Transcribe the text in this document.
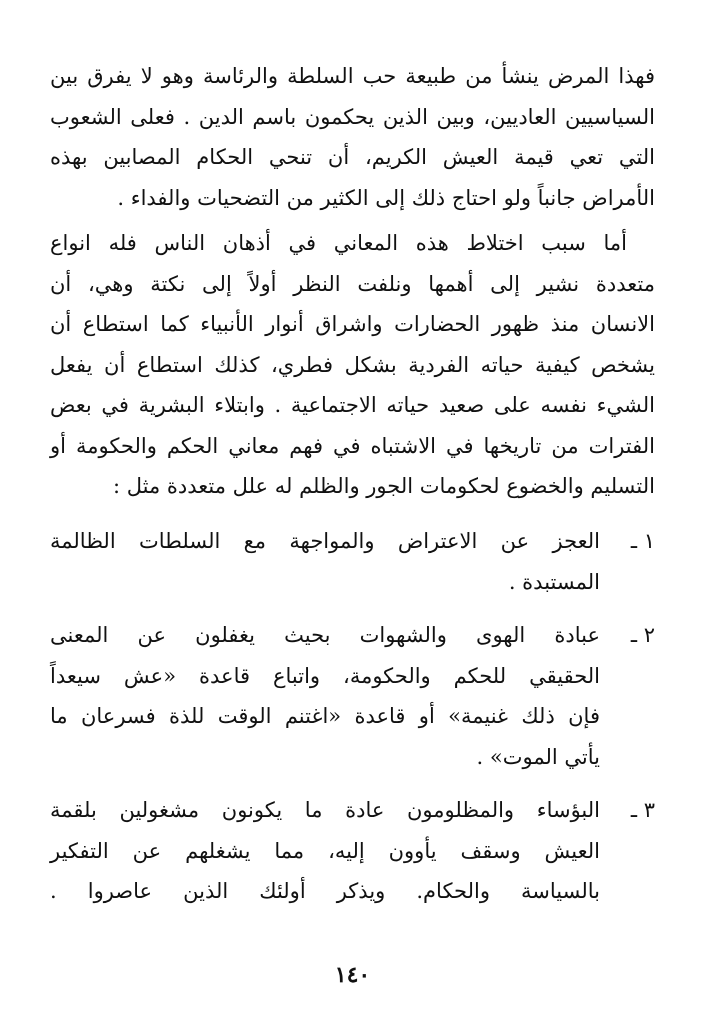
فهذا المرض ينشأ من طبيعة حب السلطة والرئاسة وهو لا يفرق بين
السياسيين العاديين، وبين الذين يحكمون باسم الدين . فعلى الشعوب
التي تعي قيمة العيش الكريم، أن تنحي الحكام المصابين بهذه
الأمراض جانباً ولو احتاج ذلك إلى الكثير من التضحيات والفداء .
أما سبب اختلاط هذه المعاني في أذهان الناس فله انواع
متعددة نشير إلى أهمها ونلفت النظر أولاً إلى نكتة وهي، أن
الانسان منذ ظهور الحضارات واشراق أنوار الأنبياء كما استطاع أن
يشخص كيفية حياته الفردية بشكل فطري، كذلك استطاع أن يفعل
الشيء نفسه على صعيد حياته الاجتماعية . وابتلاء البشرية في بعض
الفترات من تاريخها في الاشتباه في فهم معاني الحكم والحكومة أو
التسليم والخضوع لحكومات الجور والظلم له علل متعددة مثل :
١ ـ
العجز عن الاعتراض والمواجهة مع السلطات الظالمة
المستبدة .
٢ ـ
عبادة الهوى والشهوات بحيث يغفلون عن المعنى
الحقيقي للحكم والحكومة، واتباع قاعدة «عش سيعداً
فإن ذلك غنيمة» أو قاعدة «اغتنم الوقت للذة فسرعان ما
يأتي الموت» .
٣ ـ
البؤساء والمظلومون عادة ما يكونون مشغولين بلقمة
العيش وسقف يأوون إليه، مما يشغلهم عن التفكير
بالسياسة والحكام. ويذكر أولئك الذين عاصروا .
١٤٠
